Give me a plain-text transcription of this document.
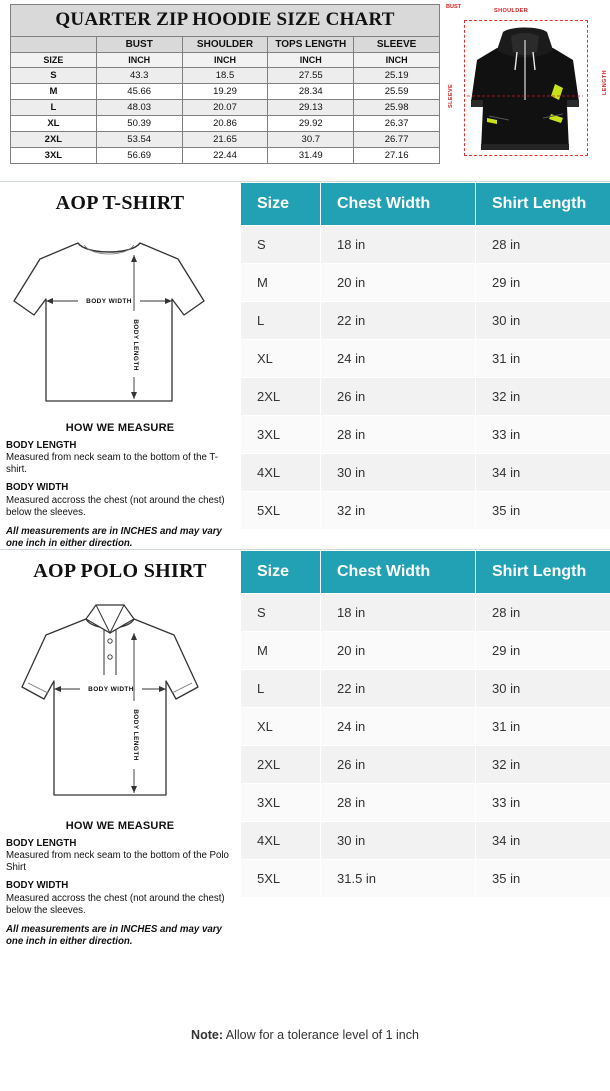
QUARTER ZIP HOODIE SIZE CHART
	BUST	SHOULDER	TOPS LENGTH	SLEEVE
SIZE	INCH	INCH	INCH	INCH
S	43.3	18.5	27.55	25.19
M	45.66	19.29	28.34	25.59
L	48.03	20.07	29.13	25.98
XL	50.39	20.86	29.92	26.37
2XL	53.54	21.65	30.7	26.77
3XL	56.69	22.44	31.49	27.16
SHOULDER
LENGTH
SLEEVE
BUST
AOP T-SHIRT
BODY WIDTH
BODY LENGTH
HOW WE MEASURE
BODY LENGTH
Measured from neck seam to the bottom of the T-shirt.
BODY WIDTH
Measured accross the chest (not around the chest) below the sleeves.
All measurements are in INCHES and may vary one inch in either direction.
Size	Chest Width	Shirt Length
S	18 in	28 in
M	20 in	29 in
L	22 in	30 in
XL	24 in	31 in
2XL	26 in	32 in
3XL	28 in	33 in
4XL	30 in	34 in
5XL	32 in	35 in
AOP POLO SHIRT
BODY WIDTH
BODY LENGTH
HOW WE MEASURE
BODY LENGTH
Measured from neck seam to the bottom of the Polo Shirt
BODY WIDTH
Measured accross the chest (not around the chest) below the sleeves.
All measurements are in INCHES and may vary one inch in either direction.
Size	Chest Width	Shirt Length
S	18 in	28 in
M	20 in	29 in
L	22 in	30 in
XL	24 in	31 in
2XL	26 in	32 in
3XL	28 in	33 in
4XL	30 in	34 in
5XL	31.5 in	35 in
Note: Allow for a tolerance level of 1 inch
